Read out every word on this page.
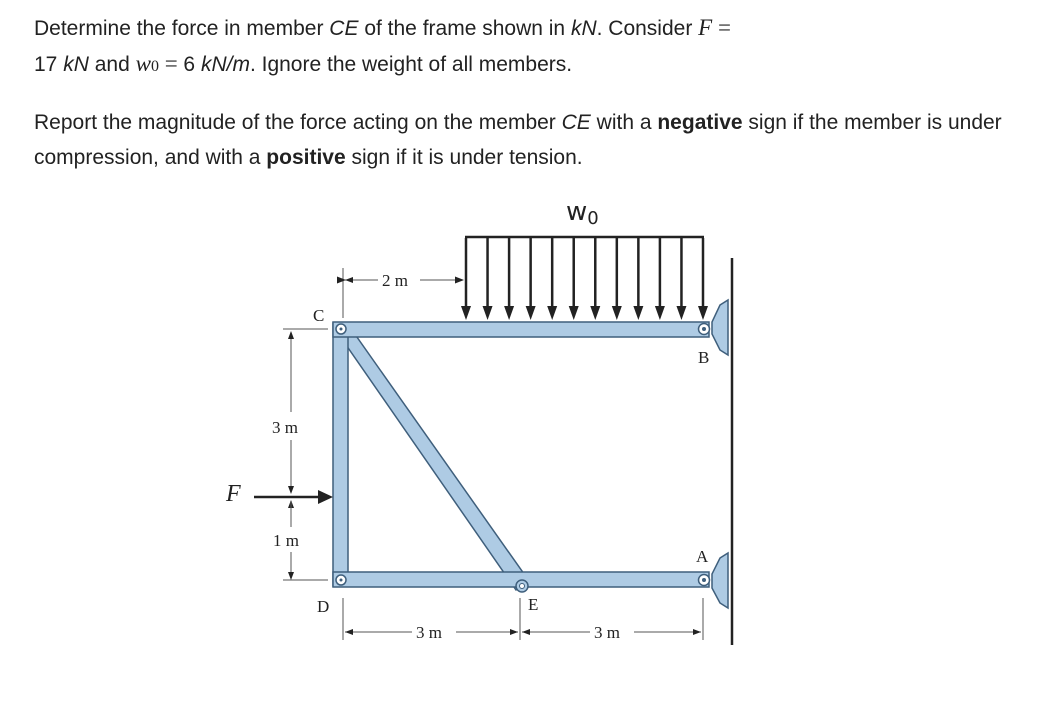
Determine the force in member CE of the frame shown in kN. Consider F =
17 kN and w0 = 6 kN/m. Ignore the weight of all members.

Report the magnitude of the force acting on the member CE with a negative sign if the member is under compression, and with a positive sign if it is under tension.

w0
2 m
3 m
1 m
3 m	3 m
F
C
B
A
D	E
